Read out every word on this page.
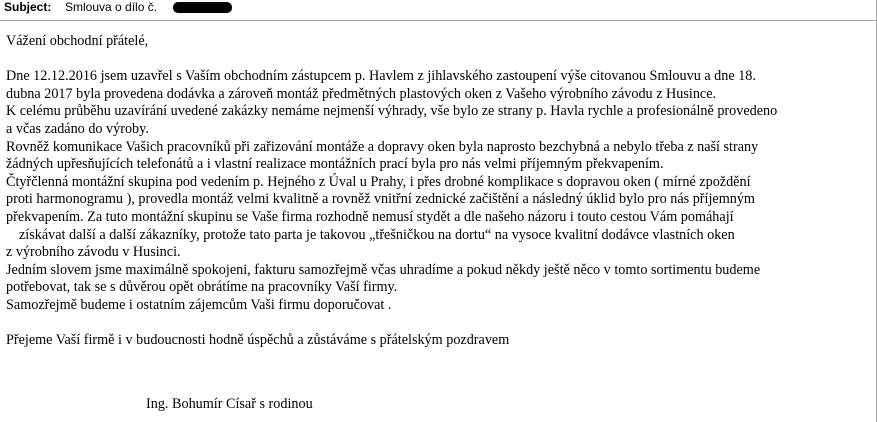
Subject: Smlouva o dílo č.
Vážení obchodní přátelé,
Dne 12.12.2016 jsem uzavřel s Vaším obchodním zástupcem p. Havlem z jihlavského zastoupení výše citovanou Smlouvu a dne 18.
dubna 2017 byla provedena dodávka a zároveň montáž předmětných plastových oken z Vašeho výrobního závodu z Husince.
K celému průběhu uzavírání uvedené zakázky nemáme nejmenší výhrady, vše bylo ze strany p. Havla rychle a profesionálně provedeno
a včas zadáno do výroby.
Rovněž komunikace Vašich pracovníků při zařizování montáže a dopravy oken byla naprosto bezchybná a nebylo třeba z naší strany
žádných upřesňujících telefonátů a i vlastní realizace montážních prací byla pro nás velmi příjemným překvapením.
Čtyřčlenná montážní skupina pod vedením p. Hejného z Úval u Prahy, i přes drobné komplikace s dopravou oken ( mírné zpoždění
proti harmonogramu ), provedla montáž velmi kvalitně a rovněž vnitřní zednické začištění a následný úklid bylo pro nás příjemným
překvapením. Za tuto montážní skupinu se Vaše firma rozhodně nemusí stydět a dle našeho názoru i touto cestou Vám pomáhají
získávat další a další zákazníky, protože tato parta je takovou „třešničkou na dortu“ na vysoce kvalitní dodávce vlastních oken
z výrobního závodu v Husinci.
Jedním slovem jsme maximálně spokojeni, fakturu samozřejmě včas uhradíme a pokud někdy ještě něco v tomto sortimentu budeme
potřebovat, tak se s důvěrou opět obrátíme na pracovníky Vaší firmy.
Samozřejmě budeme i ostatním zájemcům Vaši firmu doporučovat .
Přejeme Vaší firmě i v budoucnosti hodně úspěchů a zůstáváme s přátelským pozdravem
Ing. Bohumír Císař s rodinou
